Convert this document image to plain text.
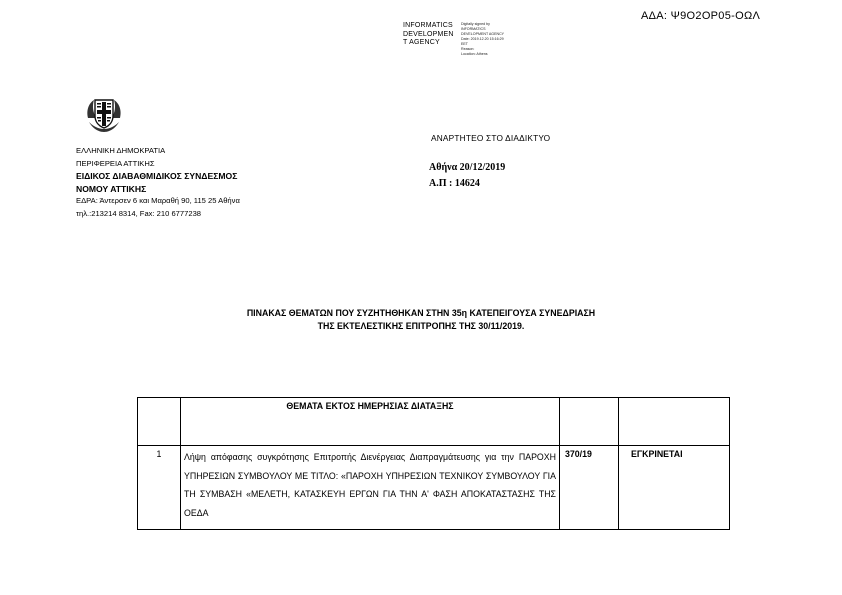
ΑΔΑ: Ψ9Ο2ΟΡ05-ΟΩΛ
INFORMATICS
DEVELOPMEN
T AGENCY
Digitally signed by
INFORMATICS
DEVELOPMENT AGENCY
Date: 2019.12.20 15:16:29
EET
Reason:
Location: Athens
ΕΛΛΗΝΙΚΗ ΔΗΜΟΚΡΑΤΙΑ
ΠΕΡΙΦΕΡΕΙΑ ΑΤΤΙΚΗΣ
ΕΙΔΙΚΟΣ ΔΙΑΒΑΘΜΙΔΙΚΟΣ ΣΥΝΔΕΣΜΟΣ
ΝΟΜΟΥ ΑΤΤΙΚΗΣ
ΕΔΡΑ: Άντερσεν 6 και Μαραθή 90, 115 25 Αθήνα
τηλ.:213214 8314, Fax: 210 6777238
ΑΝΑΡΤΗΤΕΟ ΣΤΟ ΔΙΑΔΙΚΤΥΟ
Αθήνα 20/12/2019
Α.Π : 14624
ΠΙΝΑΚΑΣ ΘΕΜΑΤΩΝ ΠΟΥ ΣΥΖΗΤΗΘΗΚΑΝ ΣΤΗΝ 35η ΚΑΤΕΠΕΙΓΟΥΣΑ ΣΥΝΕΔΡΙΑΣΗ
ΤΗΣ ΕΚΤΕΛΕΣΤΙΚΗΣ ΕΠΙΤΡΟΠΗΣ ΤΗΣ 30/11/2019.
	ΘΕΜΑΤΑ ΕΚΤΟΣ ΗΜΕΡΗΣΙΑΣ ΔΙΑΤΑΞΗΣ		
1	Λήψη απόφασης συγκρότησης Επιτροπής Διενέργειας Διαπραγμάτευσης για την ΠΑΡΟΧΗ ΥΠΗΡΕΣΙΩΝ ΣΥΜΒΟΥΛΟΥ ΜΕ ΤΙΤΛΟ: «ΠΑΡΟΧΗ ΥΠΗΡΕΣΙΩΝ ΤΕΧΝΙΚΟΥ ΣΥΜΒΟΥΛΟΥ ΓΙΑ ΤΗ ΣΥΜΒΑΣΗ «ΜΕΛΕΤΗ, ΚΑΤΑΣΚΕΥΗ ΕΡΓΩΝ ΓΙΑ ΤΗΝ Α' ΦΑΣΗ ΑΠΟΚΑΤΑΣΤΑΣΗΣ ΤΗΣ ΟΕΔΑ	370/19	ΕΓΚΡΙΝΕΤΑΙ
